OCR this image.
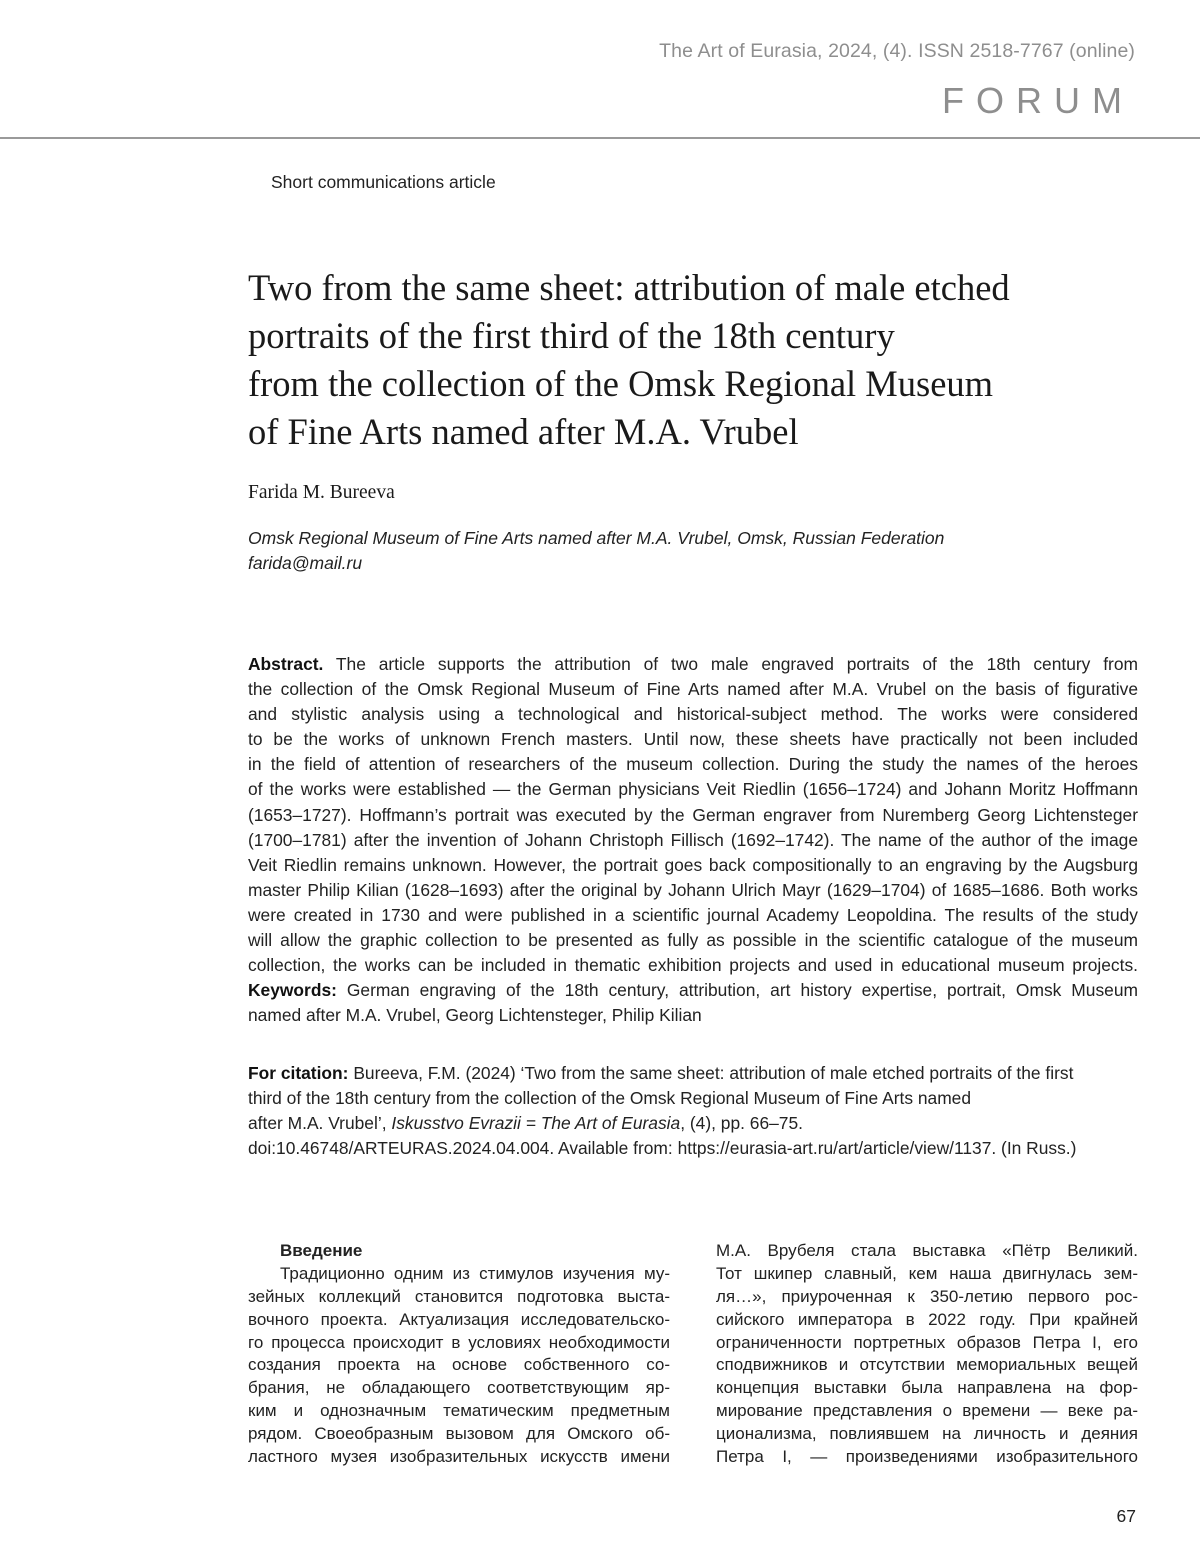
The Art of Eurasia, 2024, (4). ISSN 2518-7767 (online)
FORUM
Short communications article
Two from the same sheet: attribution of male etched
portraits of the first third of the 18th century
from the collection of the Omsk Regional Museum
of Fine Arts named after M.A. Vrubel
Farida M. Bureeva
Omsk Regional Museum of Fine Arts named after M.A. Vrubel, Omsk, Russian Federation
farida@mail.ru
Abstract. The article supports the attribution of two male engraved portraits of the 18th century from
the collection of the Omsk Regional Museum of Fine Arts named after M.A. Vrubel on the basis of figurative
and stylistic analysis using a technological and historical-subject method. The works were considered
to be the works of unknown French masters. Until now, these sheets have practically not been included
in the field of attention of researchers of the museum collection. During the study the names of the heroes
of the works were established — the German physicians Veit Riedlin (1656–1724) and Johann Moritz Hoffmann
(1653–1727). Hoffmann’s portrait was executed by the German engraver from Nuremberg Georg Lichtensteger
(1700–1781) after the invention of Johann Christoph Fillisch (1692–1742). The name of the author of the image
Veit Riedlin remains unknown. However, the portrait goes back compositionally to an engraving by the Augsburg
master Philip Kilian (1628–1693) after the original by Johann Ulrich Mayr (1629–1704) of 1685–1686. Both works
were created in 1730 and were published in a scientific journal Academy Leopoldina. The results of the study
will allow the graphic collection to be presented as fully as possible in the scientific catalogue of the museum
collection, the works can be included in thematic exhibition projects and used in educational museum projects.
Keywords: German engraving of the 18th century, attribution, art history expertise, portrait, Omsk Museum
named after M.A. Vrubel, Georg Lichtensteger, Philip Kilian
For citation: Bureeva, F.M. (2024) ‘Two from the same sheet: attribution of male etched portraits of the first
third of the 18th century from the collection of the Omsk Regional Museum of Fine Arts named
after M.A. Vrubel’, Iskusstvo Evrazii = The Art of Eurasia, (4), pp. 66–75.
doi:10.46748/ARTEURAS.2024.04.004. Available from: https://eurasia-art.ru/art/article/view/1137. (In Russ.)
Введение
Традиционно одним из стимулов изучения му-
зейных коллекций становится подготовка выста-
вочного проекта. Актуализация исследовательско-
го процесса происходит в условиях необходимости
создания проекта на основе собственного со-
брания, не обладающего соответствующим яр-
ким и однозначным тематическим предметным
рядом. Своеобразным вызовом для Омского об-
ластного музея изобразительных искусств имени
М.А. Врубеля стала выставка «Пётр Великий.
Тот шкипер славный, кем наша двигнулась зем-
ля…», приуроченная к 350-летию первого рос-
сийского императора в 2022 году. При крайней
ограниченности портретных образов Петра I, его
сподвижников и отсутствии мемориальных вещей
концепция выставки была направлена на фор-
мирование представления о времени — веке ра-
ционализма, повлиявшем на личность и деяния
Петра I, — произведениями изобразительного
67
